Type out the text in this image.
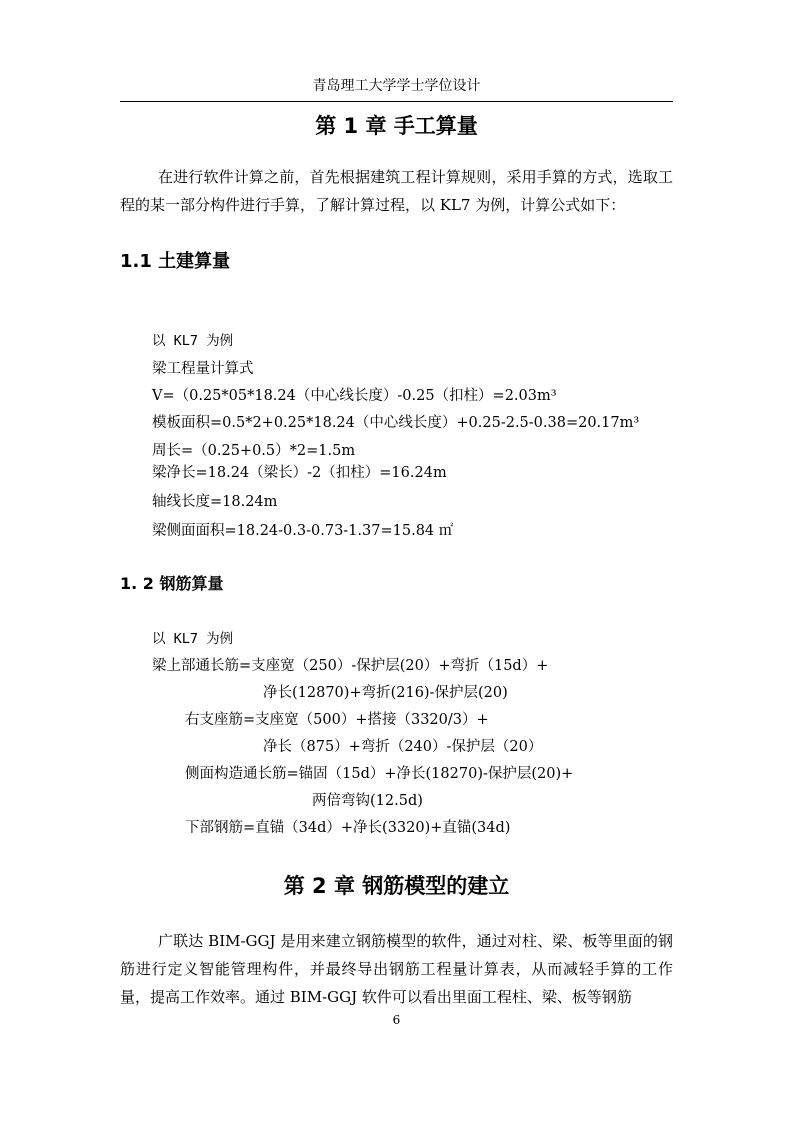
青岛理工大学学士学位设计
第 1 章 手工算量
在进行软件计算之前，首先根据建筑工程计算规则，采用手算的方式，选取工程的某一部分构件进行手算，了解计算过程，以 KL7 为例，计算公式如下：
1.1 土建算量
以 KL7 为例
梁工程量计算式
V=（0.25*05*18.24（中心线长度）-0.25（扣柱）=2.03m³
模板面积=0.5*2+0.25*18.24（中心线长度）+0.25-2.5-0.38=20.17m³
周长=（0.25+0.5）*2=1.5m
梁净长=18.24（梁长）-2（扣柱）=16.24m
轴线长度=18.24m
梁侧面面积=18.24-0.3-0.73-1.37=15.84 ㎡
1. 2 钢筋算量
以 KL7 为例
梁上部通长筋=支座宽（250）-保护层(20）+弯折（15d）+
净长(12870)+弯折(216)-保护层(20)
右支座筋=支座宽（500）+搭接（3320/3）+
净长（875）+弯折（240）-保护层（20）
侧面构造通长筋=锚固（15d）+净长(18270)-保护层(20)+
两倍弯钩(12.5d)
下部钢筋=直锚（34d）+净长(3320)+直锚(34d)
第 2 章 钢筋模型的建立
广联达 BIM-GGJ 是用来建立钢筋模型的软件，通过对柱、梁、板等里面的钢筋进行定义智能管理构件，并最终导出钢筋工程量计算表，从而减轻手算的工作量，提高工作效率。通过 BIM-GGJ 软件可以看出里面工程柱、梁、板等钢筋
6
